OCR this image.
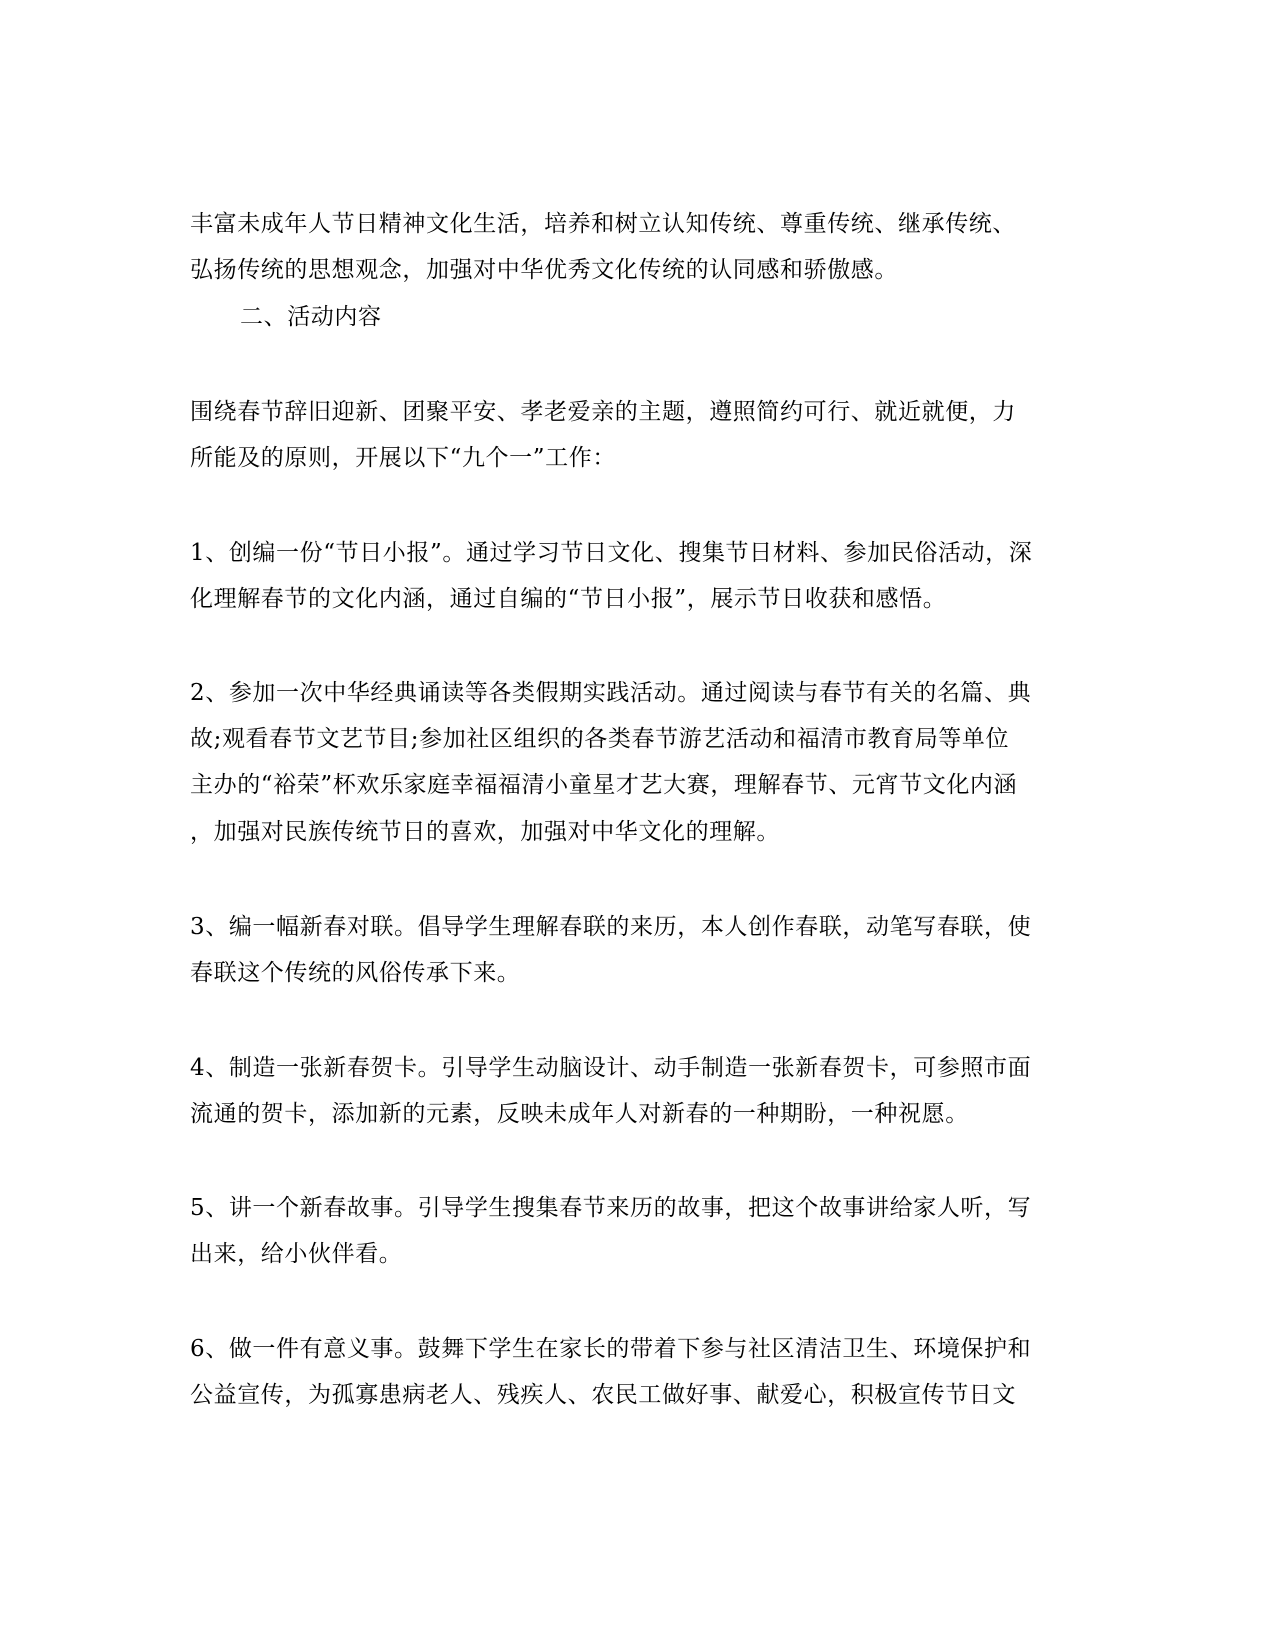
丰富未成年人节日精神文化生活，培养和树立认知传统、尊重传统、继承传统、
弘扬传统的思想观念，加强对中华优秀文化传统的认同感和骄傲感。
二、活动内容
围绕春节辞旧迎新、团聚平安、孝老爱亲的主题，遵照简约可行、就近就便，力
所能及的原则，开展以下“九个一”工作：
1、创编一份“节日小报”。通过学习节日文化、搜集节日材料、参加民俗活动，深
化理解春节的文化内涵，通过自编的“节日小报”，展示节日收获和感悟。
2、参加一次中华经典诵读等各类假期实践活动。通过阅读与春节有关的名篇、典
故;观看春节文艺节目;参加社区组织的各类春节游艺活动和福清市教育局等单位
主办的“裕荣”杯欢乐家庭幸福福清小童星才艺大赛，理解春节、元宵节文化内涵
，加强对民族传统节日的喜欢，加强对中华文化的理解。
3、编一幅新春对联。倡导学生理解春联的来历，本人创作春联，动笔写春联，使
春联这个传统的风俗传承下来。
4、制造一张新春贺卡。引导学生动脑设计、动手制造一张新春贺卡，可参照市面
流通的贺卡，添加新的元素，反映未成年人对新春的一种期盼，一种祝愿。
5、讲一个新春故事。引导学生搜集春节来历的故事，把这个故事讲给家人听，写
出来，给小伙伴看。
6、做一件有意义事。鼓舞下学生在家长的带着下参与社区清洁卫生、环境保护和
公益宣传，为孤寡患病老人、残疾人、农民工做好事、献爱心，积极宣传节日文
